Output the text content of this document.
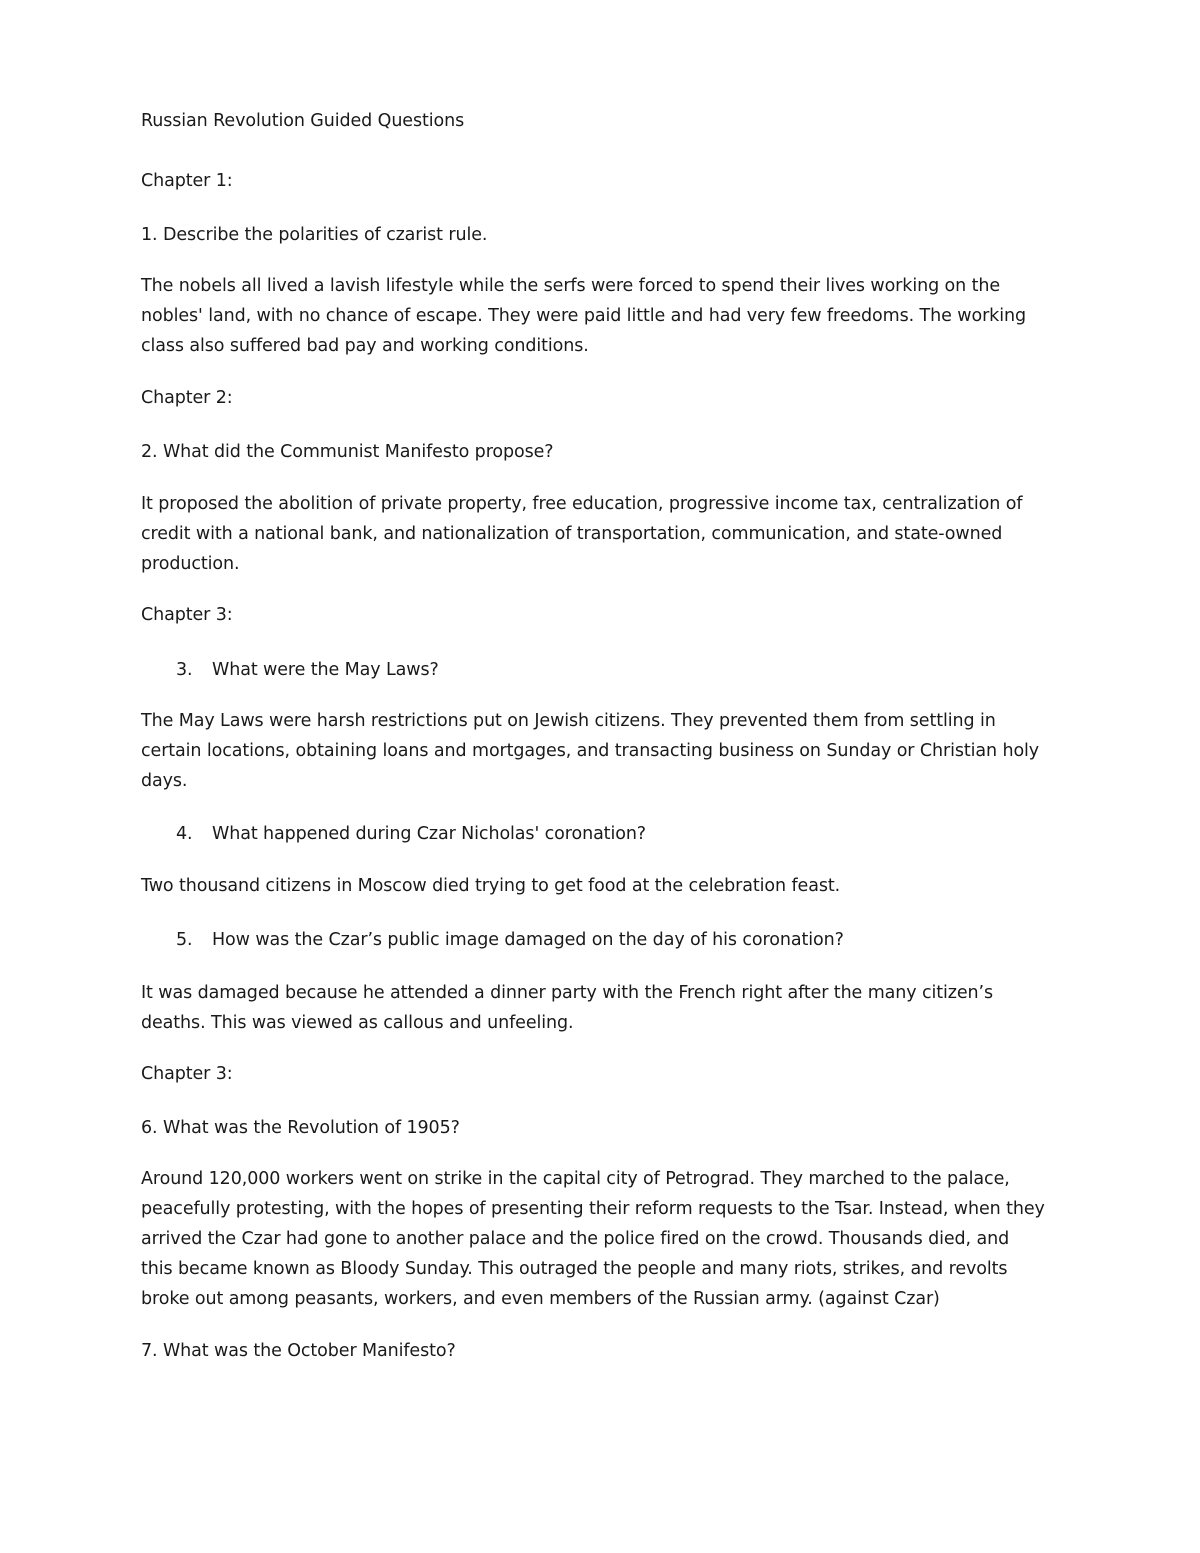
Russian Revolution Guided Questions
Chapter 1:
1. Describe the polarities of czarist rule.
The nobels all lived a lavish lifestyle while the serfs were forced to spend their lives working on the
nobles' land, with no chance of escape. They were paid little and had very few freedoms. The working
class also suffered bad pay and working conditions.
Chapter 2:
2. What did the Communist Manifesto propose?
It proposed the abolition of private property, free education, progressive income tax, centralization of
credit with a national bank, and nationalization of transportation, communication, and state-owned
production.
Chapter 3:
3. What were the May Laws?
The May Laws were harsh restrictions put on Jewish citizens. They prevented them from settling in
certain locations, obtaining loans and mortgages, and transacting business on Sunday or Christian holy
days.
4. What happened during Czar Nicholas' coronation?
Two thousand citizens in Moscow died trying to get food at the celebration feast.
5. How was the Czar’s public image damaged on the day of his coronation?
It was damaged because he attended a dinner party with the French right after the many citizen’s
deaths. This was viewed as callous and unfeeling.
Chapter 3:
6. What was the Revolution of 1905?
Around 120,000 workers went on strike in the capital city of Petrograd. They marched to the palace,
peacefully protesting, with the hopes of presenting their reform requests to the Tsar. Instead, when they
arrived the Czar had gone to another palace and the police fired on the crowd. Thousands died, and
this became known as Bloody Sunday. This outraged the people and many riots, strikes, and revolts
broke out among peasants, workers, and even members of the Russian army. (against Czar)
7. What was the October Manifesto?
